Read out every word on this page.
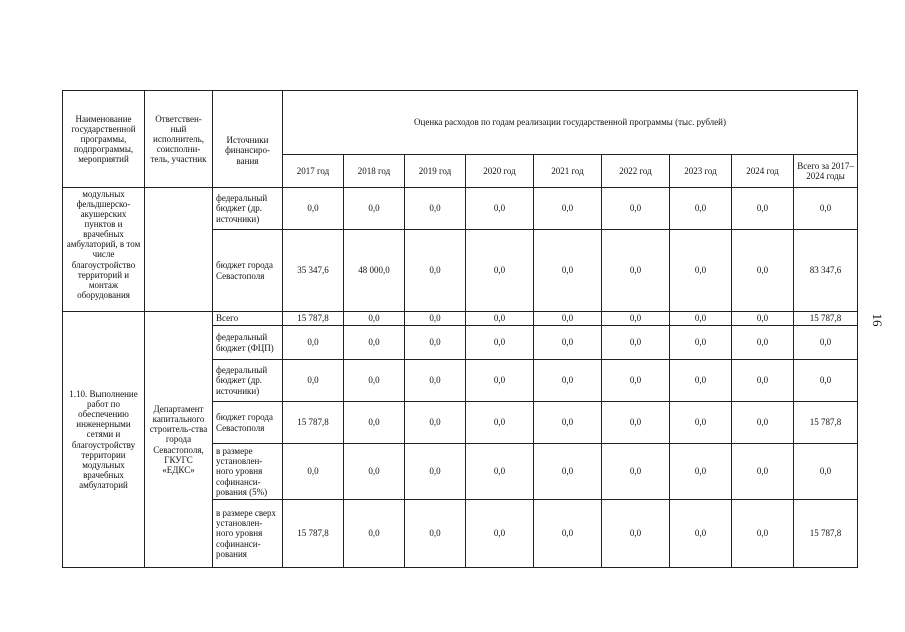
Наименование государственной программы, подпрограммы, мероприятий	Ответствен-ный исполнитель, соисполни-тель, участник	Источники финансиро-вания	Оценка расходов по годам реализации государственной программы (тыс. рублей)								
			2017 год	2018 год	2019 год	2020 год	2021 год	2022 год	2023 год	2024 год	Всего за 2017–2024 годы
модульных фельдшерско-акушерских пунктов и врачебных амбулаторий, в том числе благоустройство территорий и монтаж оборудования		федеральный бюджет (др. источники)	0,0	0,0	0,0	0,0	0,0	0,0	0,0	0,0	0,0
		бюджет города Севастополя	35 347,6	48 000,0	0,0	0,0	0,0	0,0	0,0	0,0	83 347,6
1.10. Выполнение работ по обеспечению инженерными сетями и благоустройству территории модульных врачебных амбулаторий	Департамент капитального строитель-ства города Севастополя, ГКУГС «ЕДКС»	Всего	15 787,8	0,0	0,0	0,0	0,0	0,0	0,0	0,0	15 787,8
		федеральный бюджет (ФЦП)	0,0	0,0	0,0	0,0	0,0	0,0	0,0	0,0	0,0
		федеральный бюджет (др. источники)	0,0	0,0	0,0	0,0	0,0	0,0	0,0	0,0	0,0
		бюджет города Севастополя	15 787,8	0,0	0,0	0,0	0,0	0,0	0,0	0,0	15 787,8
		в размере установлен-ного уровня софинанси-рования (5%)	0,0	0,0	0,0	0,0	0,0	0,0	0,0	0,0	0,0
		в размере сверх установлен-ного уровня софинанси-рования	15 787,8	0,0	0,0	0,0	0,0	0,0	0,0	0,0	15 787,8
16
